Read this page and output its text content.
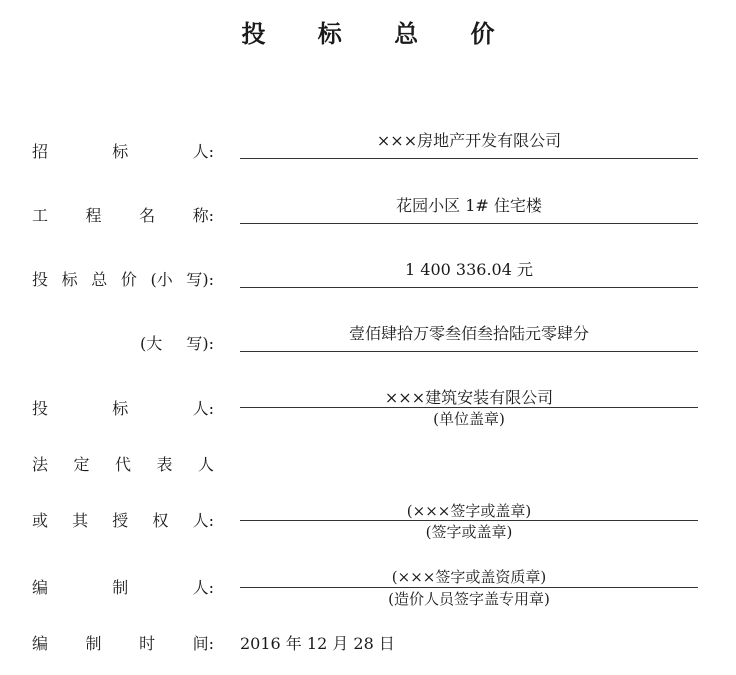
投 标 总 价
招	标	人:
×××房地产开发有限公司
工 程 名 称:
花园小区 1# 住宅楼
投 标 总 价 (小 写):
1 400 336.04 元
(大 写):
壹佰肆拾万零叁佰叁拾陆元零肆分
投	标	人:
×××建筑安装有限公司
(单位盖章)
法 定 代 表 人
或 其 授 权 人:	(×××签字或盖章)
(签字或盖章)
编	制	人:
(×××签字或盖资质章)
(造价人员签字盖专用章)
编 制 时 间: 2016 年 12 月 28 日
